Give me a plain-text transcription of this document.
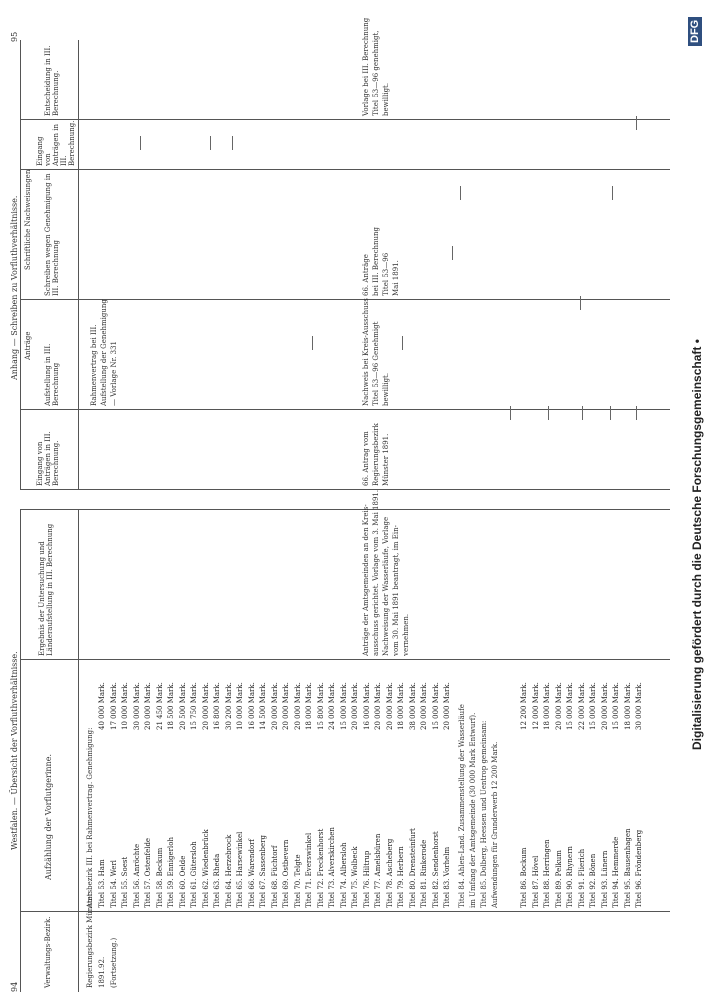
94
95
Westfalen. — Übersicht der Vorfluthverhältnisse.
Anhang — Schreiben zu Vorfluthverhältnisse.
Verwaltungs-Bezirk.
Aufzählung der Vorflutgerinne.
Ergebnis der Untersuchung und Länderaufstellung in III. Berechnung
Eingang von Anträgen in III. Berechnung.
Anträge Aufstellung in III. Berechnung
Schriftliche Nachweisungen Schreiben wegen Genehmigung in III. Berechnung
Eingang von Anträgen in III. Berechnung.
Entscheidung in III. Berechnung.
Regierungsbezirk Münster 1891.92. (Fortsetzung.)
Amtsbezirk III. bei Rahmenvertrag. Genehmigung: Titel 53. Ham
40 000 Mark.
Titel 54. Werl
17 000 Mark.
Titel 55. Soest
10 000 Mark.
Titel 56. Anröchte
30 000 Mark.
Titel 57. Ostenfelde
20 000 Mark.
Titel 58. Beckum
21 450 Mark.
Titel 59. Ennigerloh
18 500 Mark.
Titel 60. Oelde
20 500 Mark.
Titel 61. Gütersloh
15 750 Mark.
Titel 62. Wiedenbrück
20 000 Mark.
Titel 63. Rheda
16 800 Mark.
Titel 64. Herzebrock
30 200 Mark.
Titel 65. Harsewinkel
10 000 Mark.
Titel 66. Warendorf
16 000 Mark.
Titel 67. Sassenberg
14 500 Mark.
Titel 68. Füchtorf
20 000 Mark.
Titel 69. Ostbevern
20 000 Mark.
Titel 70. Telgte
20 000 Mark.
Titel 71. Everswinkel
18 000 Mark.
Titel 72. Freckenhorst
15 800 Mark.
Titel 73. Alverskirchen
24 000 Mark.
Titel 74. Albersloh
15 000 Mark.
Titel 75. Wolbeck
20 000 Mark.
Titel 76. Hiltrup
16 000 Mark.
Titel 77. Amelsbüren
20 000 Mark.
Titel 78. Ascheberg
20 000 Mark.
Titel 79. Herbern
18 000 Mark.
Titel 80. Drensteinfurt
38 000 Mark.
Titel 81. Rinkerode
20 000 Mark.
Titel 82. Sendenhorst
15 000 Mark.
Titel 83. Vorhelm
20 000 Mark. Titel 84. Ahlen-Land. Zusammenstellung der Wasserläufe im Umfang der Amtsgemeinde (30 000 Mark Entwurf). Titel 85. Dolberg, Heessen und Uentrop gemeinsam: Aufwendungen für Grunderwerb 12 200 Mark.	Titel 86. Bockum
12 200 Mark.
Titel 87. Hövel
12 000 Mark.
Titel 88. Herringen
18 000 Mark.
Titel 89. Pelkum
20 000 Mark.
Titel 90. Rhynern
15 000 Mark.
Titel 91. Flierich
22 000 Mark.
Titel 92. Bönen
15 000 Mark.
Titel 93. Lünern
20 000 Mark.
Titel 94. Hemmerde
15 000 Mark.
Titel 95. Bausenhagen
18 000 Mark.
Titel 96. Fröndenberg
30 000 Mark.
Anträge der Amtsgemeinden an den Kreis- ausschuss gerichtet. Vorlage vom 3. Mai 1891. Nachweisung der Wasserläufe, Vorlage vom 30. Mai 1891 beantragt, im Ein- vernehmen.
Rahmenvertrag bei III. Aufstellung der Genehmigung — Vorlage Nr. 331
66. Antrag vom Regierungsbezirk Münster 1891.
Nachweis bei Kreis-Ausschuss Titel 53—96 Genehmigt bewilligt.
66. Anträge bei III. Berechnung Titel 53—96 Mai 1891.
Vorlage bei III. Berechnung Titel 53—96 genehmigt, bewilligt.
Digitalisierung gefördert durch die Deutsche Forschungsgemeinschaft •
DFG
